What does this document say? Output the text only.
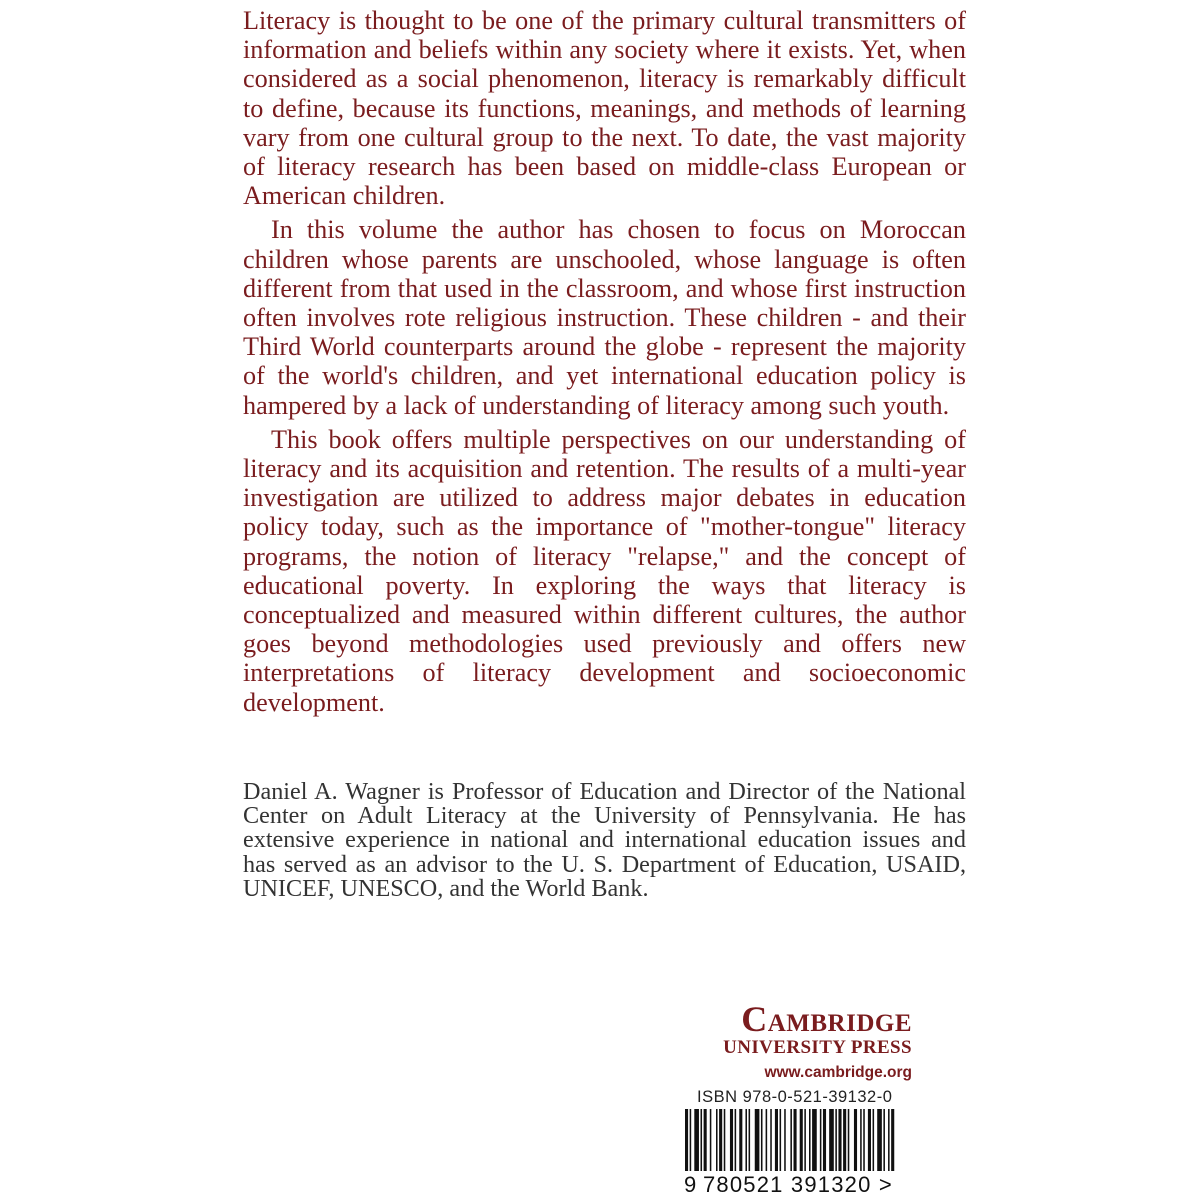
Literacy is thought to be one of the primary cultural transmitters of information and beliefs within any society where it exists. Yet, when considered as a social phenomenon, literacy is remarkably difficult to define, because its functions, meanings, and methods of learning vary from one cultural group to the next. To date, the vast majority of literacy research has been based on middle-class European or American children.

In this volume the author has chosen to focus on Moroccan children whose parents are unschooled, whose language is often different from that used in the classroom, and whose first instruction often involves rote religious instruction. These children - and their Third World counterparts around the globe - represent the majority of the world's children, and yet international education policy is hampered by a lack of understanding of literacy among such youth.

This book offers multiple perspectives on our understanding of literacy and its acquisition and retention. The results of a multi-year investigation are utilized to address major debates in education policy today, such as the importance of "mother-tongue" literacy programs, the notion of literacy "relapse," and the concept of educational poverty. In exploring the ways that literacy is conceptualized and measured within different cultures, the author goes beyond methodologies used previously and offers new interpretations of literacy development and socioeconomic development.

Daniel A. Wagner is Professor of Education and Director of the National Center on Adult Literacy at the University of Pennsylvania. He has extensive experience in national and international education issues and has served as an advisor to the U. S. Department of Education, USAID, UNICEF, UNESCO, and the World Bank.
Cambridge
UNIVERSITY PRESS
www.cambridge.org
ISBN 978-0-521-39132-0
9 780521 391320 >
